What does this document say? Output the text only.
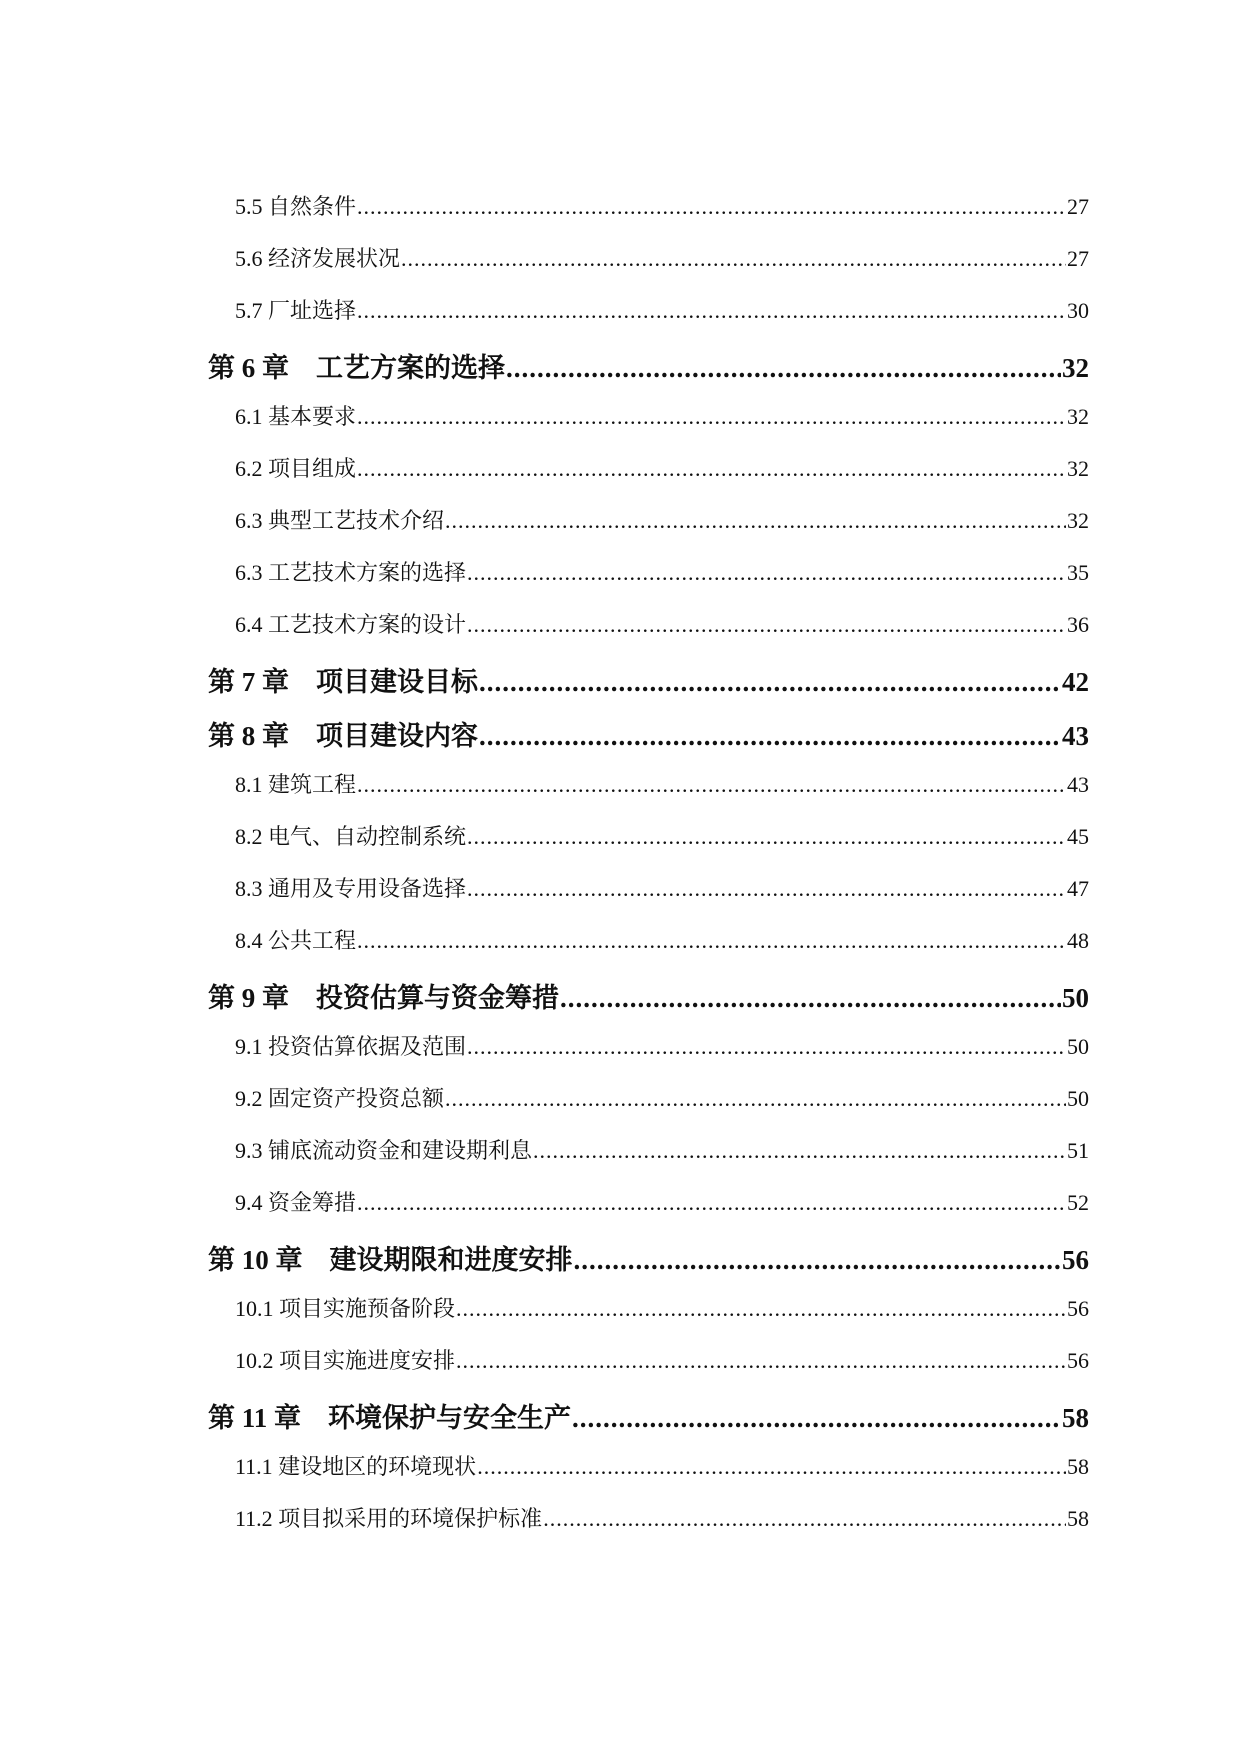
5.5 自然条件 .....	27
5.6 经济发展状况 .....	27
5.7 厂址选择 .....	30
第 6 章　工艺方案的选择 .....	32
6.1 基本要求 .....	32
6.2 项目组成 .....	32
6.3 典型工艺技术介绍 .....	32
6.3 工艺技术方案的选择 .....	35
6.4 工艺技术方案的设计 .....	36
第 7 章　项目建设目标 .....	42
第 8 章　项目建设内容 .....	43
8.1 建筑工程 .....	43
8.2 电气、自动控制系统 .....	45
8.3 通用及专用设备选择 .....	47
8.4 公共工程 .....	48
第 9 章　投资估算与资金筹措 .....	50
9.1 投资估算依据及范围 .....	50
9.2 固定资产投资总额 .....	50
9.3 铺底流动资金和建设期利息 .....	51
9.4 资金筹措 .....	52
第 10 章　建设期限和进度安排 .....	56
10.1 项目实施预备阶段 .....	56
10.2 项目实施进度安排 .....	56
第 11 章　环境保护与安全生产 .....	58
11.1 建设地区的环境现状 .....	58
11.2 项目拟采用的环境保护标准 .....	58
